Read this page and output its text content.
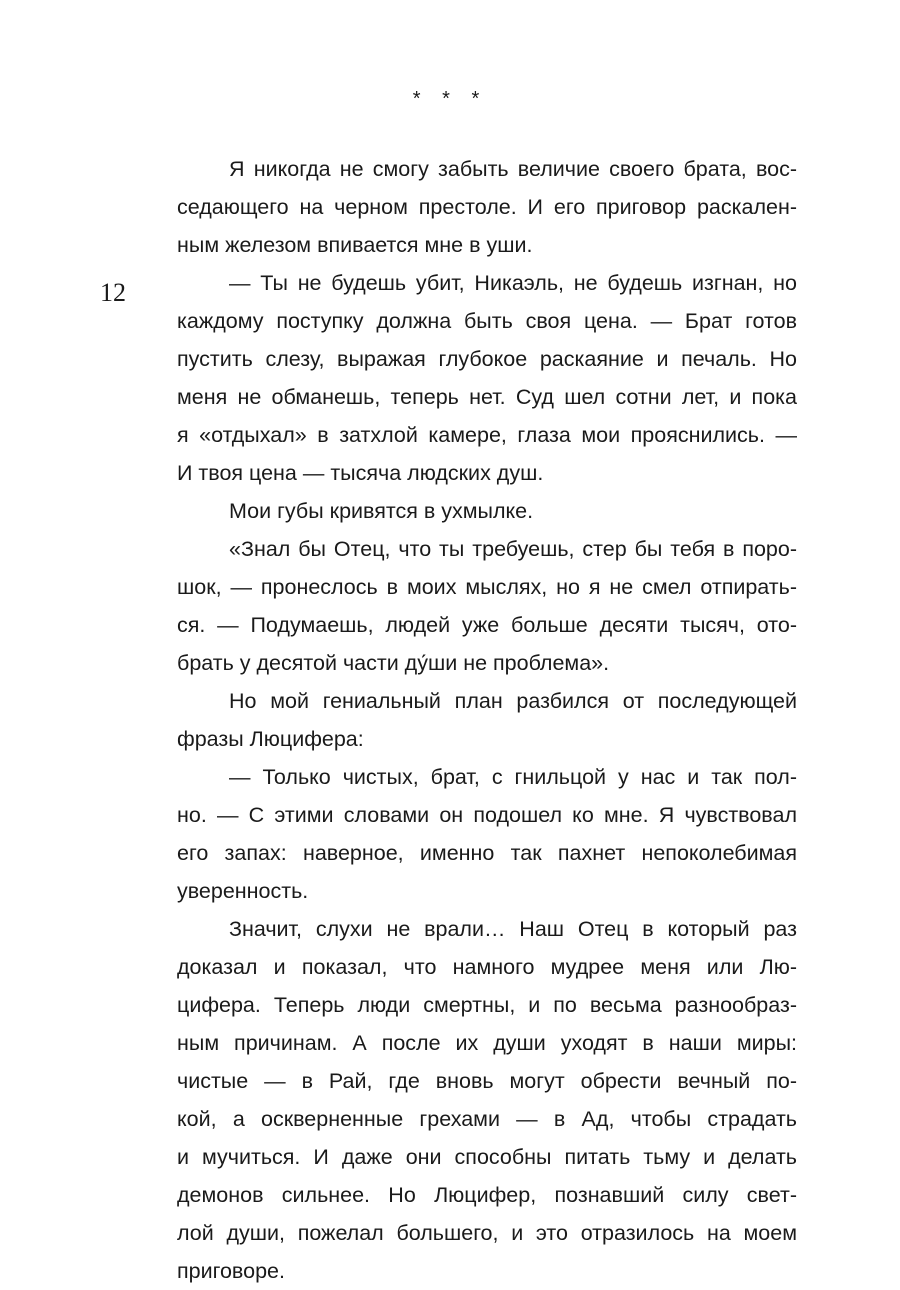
* * *
12
Я никогда не смогу забыть величие своего брата, вос-
седающего на черном престоле. И его приговор раскален-
ным железом впивается мне в уши.
— Ты не будешь убит, Никаэль, не будешь изгнан, но
каждому поступку должна быть своя цена. — Брат готов
пустить слезу, выражая глубокое раскаяние и печаль. Но
меня не обманешь, теперь нет. Суд шел сотни лет, и пока
я «отдыхал» в затхлой камере, глаза мои прояснились. —
И твоя цена — тысяча людских душ.
Мои губы кривятся в ухмылке.
«Знал бы Отец, что ты требуешь, стер бы тебя в поро-
шок, — пронеслось в моих мыслях, но я не смел отпирать-
ся. — Подумаешь, людей уже больше десяти тысяч, ото-
брать у десятой части ду́ши не проблема».
Но мой гениальный план разбился от последующей
фразы Люцифера:
— Только чистых, брат, с гнильцой у нас и так пол-
но. — С этими словами он подошел ко мне. Я чувствовал
его запах: наверное, именно так пахнет непоколебимая
уверенность.
Значит, слухи не врали… Наш Отец в который раз
доказал и показал, что намного мудрее меня или Лю-
цифера. Теперь люди смертны, и по весьма разнообраз-
ным причинам. А после их души уходят в наши миры:
чистые — в Рай, где вновь могут обрести вечный по-
кой, а оскверненные грехами — в Ад, чтобы страдать
и мучиться. И даже они способны питать тьму и делать
демонов сильнее. Но Люцифер, познавший силу свет-
лой души, пожелал большего, и это отразилось на моем
приговоре.
